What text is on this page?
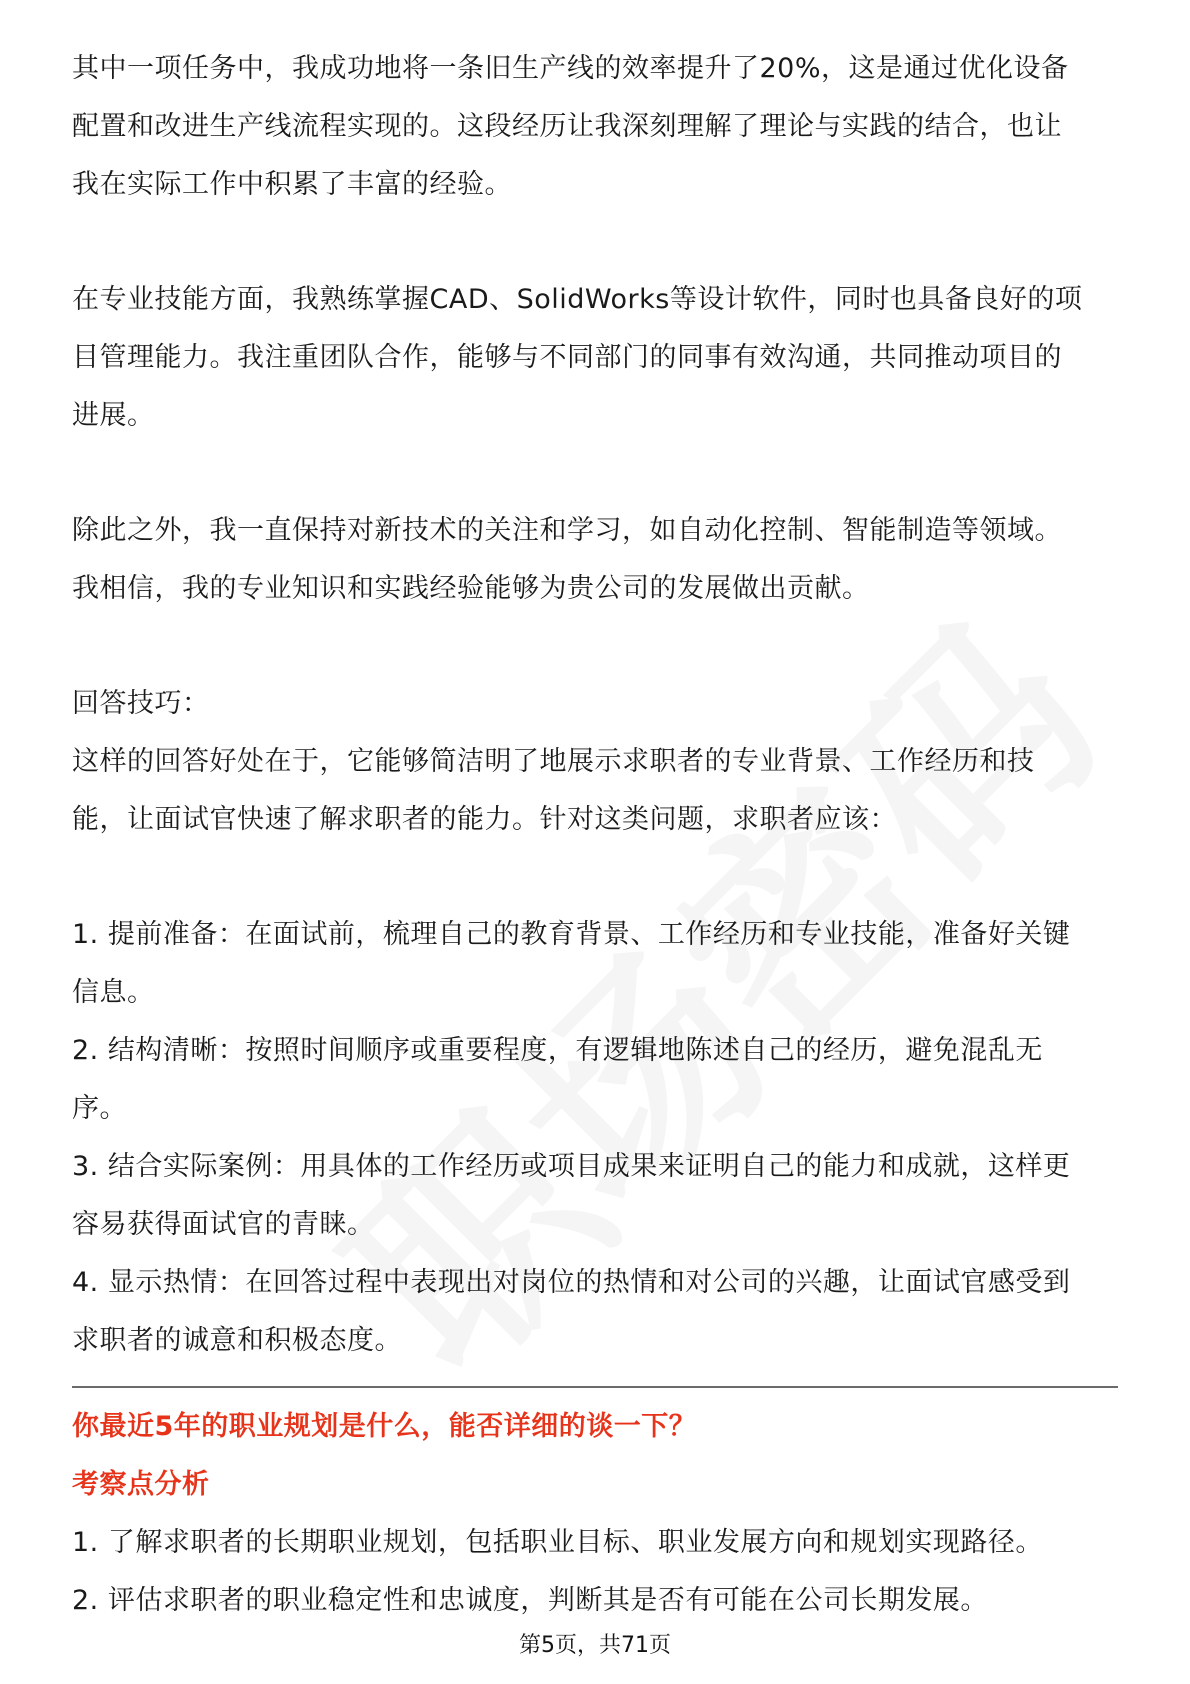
其中一项任务中，我成功地将一条旧生产线的效率提升了20%，这是通过优化设备

配置和改进生产线流程实现的。这段经历让我深刻理解了理论与实践的结合，也让

我在实际工作中积累了丰富的经验。

在专业技能方面，我熟练掌握CAD、SolidWorks等设计软件，同时也具备良好的项

目管理能力。我注重团队合作，能够与不同部门的同事有效沟通，共同推动项目的

进展。

除此之外，我一直保持对新技术的关注和学习，如自动化控制、智能制造等领域。

我相信，我的专业知识和实践经验能够为贵公司的发展做出贡献。

回答技巧：

这样的回答好处在于，它能够简洁明了地展示求职者的专业背景、工作经历和技

能，让面试官快速了解求职者的能力。针对这类问题，求职者应该：

1. 提前准备：在面试前，梳理自己的教育背景、工作经历和专业技能，准备好关键

信息。

2. 结构清晰：按照时间顺序或重要程度，有逻辑地陈述自己的经历，避免混乱无

序。

3. 结合实际案例：用具体的工作经历或项目成果来证明自己的能力和成就，这样更

容易获得面试官的青睐。

4. 显示热情：在回答过程中表现出对岗位的热情和对公司的兴趣，让面试官感受到

求职者的诚意和积极态度。

你最近5年的职业规划是什么，能否详细的谈一下？

考察点分析

1. 了解求职者的长期职业规划，包括职业目标、职业发展方向和规划实现路径。

2. 评估求职者的职业稳定性和忠诚度，判断其是否有可能在公司长期发展。

第5页，共71页
